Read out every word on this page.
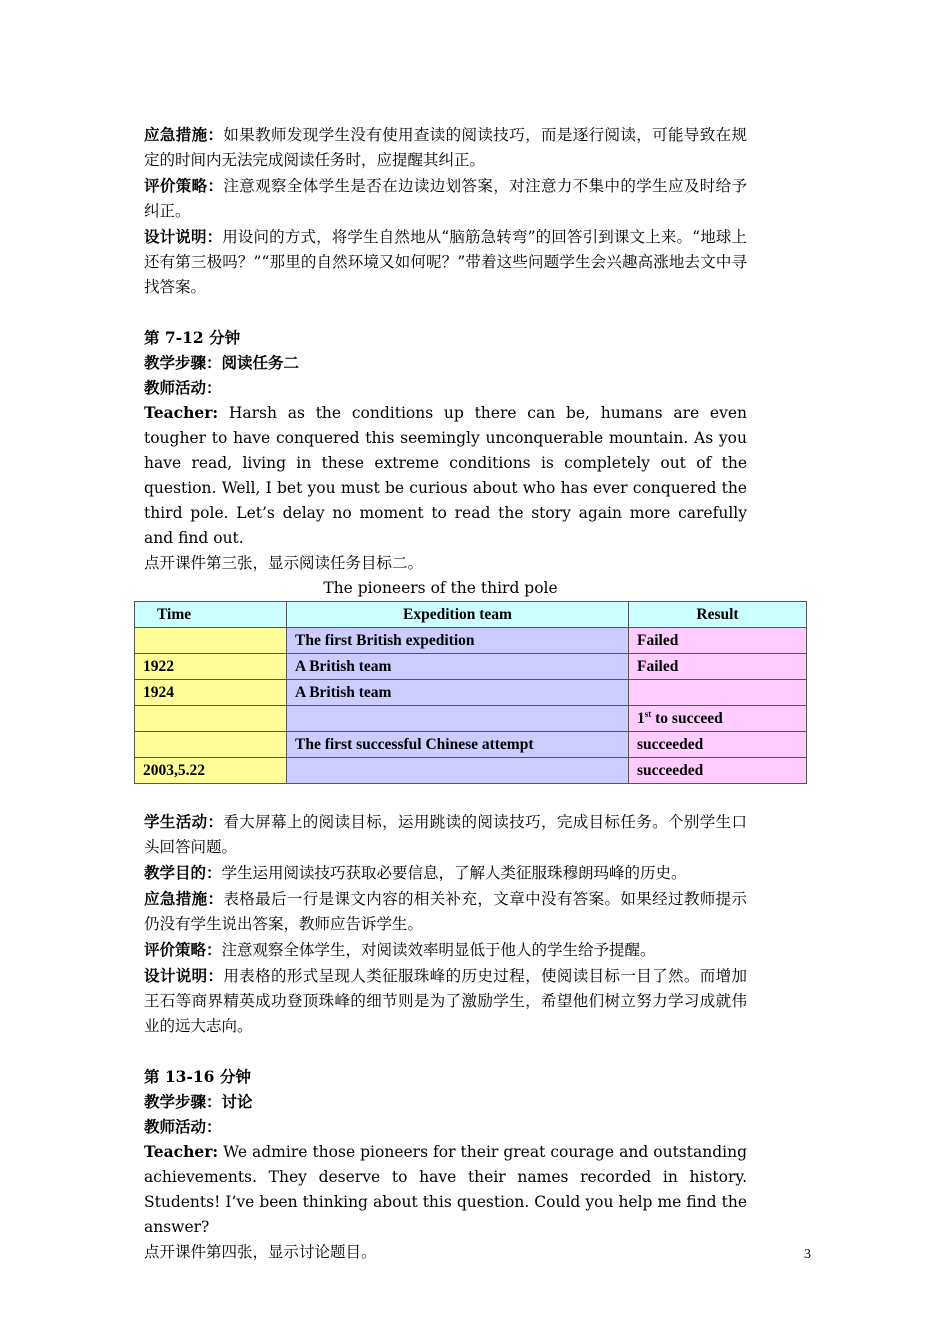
应急措施：如果教师发现学生没有使用查读的阅读技巧，而是逐行阅读，可能导致在规定的时间内无法完成阅读任务时，应提醒其纠正。

评价策略：注意观察全体学生是否在边读边划答案，对注意力不集中的学生应及时给予纠正。

设计说明：用设问的方式，将学生自然地从“脑筋急转弯”的回答引到课文上来。“地球上还有第三极吗？”“那里的自然环境又如何呢？”带着这些问题学生会兴趣高涨地去文中寻找答案。

第 7-12 分钟

教学步骤：阅读任务二

教师活动：

Teacher: Harsh as the conditions up there can be, humans are even tougher to have conquered this seemingly unconquerable mountain. As you have read, living in these extreme conditions is completely out of the question. Well, I bet you must be curious about who has ever conquered the third pole. Let’s delay no moment to read the story again more carefully and find out.

点开课件第三张，显示阅读任务目标二。

The pioneers of the third pole

Time	Expedition team	Result
	The first British expedition	Failed
1922	A British team	Failed
1924	A British team	
		1st to succeed
	The first successful Chinese attempt	succeeded
2003,5.22		succeeded

学生活动：看大屏幕上的阅读目标，运用跳读的阅读技巧，完成目标任务。个别学生口头回答问题。

教学目的：学生运用阅读技巧获取必要信息，了解人类征服珠穆朗玛峰的历史。

应急措施：表格最后一行是课文内容的相关补充，文章中没有答案。如果经过教师提示仍没有学生说出答案，教师应告诉学生。

评价策略：注意观察全体学生，对阅读效率明显低于他人的学生给予提醒。

设计说明：用表格的形式呈现人类征服珠峰的历史过程，使阅读目标一目了然。而增加王石等商界精英成功登顶珠峰的细节则是为了激励学生，希望他们树立努力学习成就伟业的远大志向。

第 13-16 分钟

教学步骤：讨论

教师活动：

Teacher: We admire those pioneers for their great courage and outstanding achievements. They deserve to have their names recorded in history. Students! I’ve been thinking about this question. Could you help me find the answer?

点开课件第四张，显示讨论题目。	3
